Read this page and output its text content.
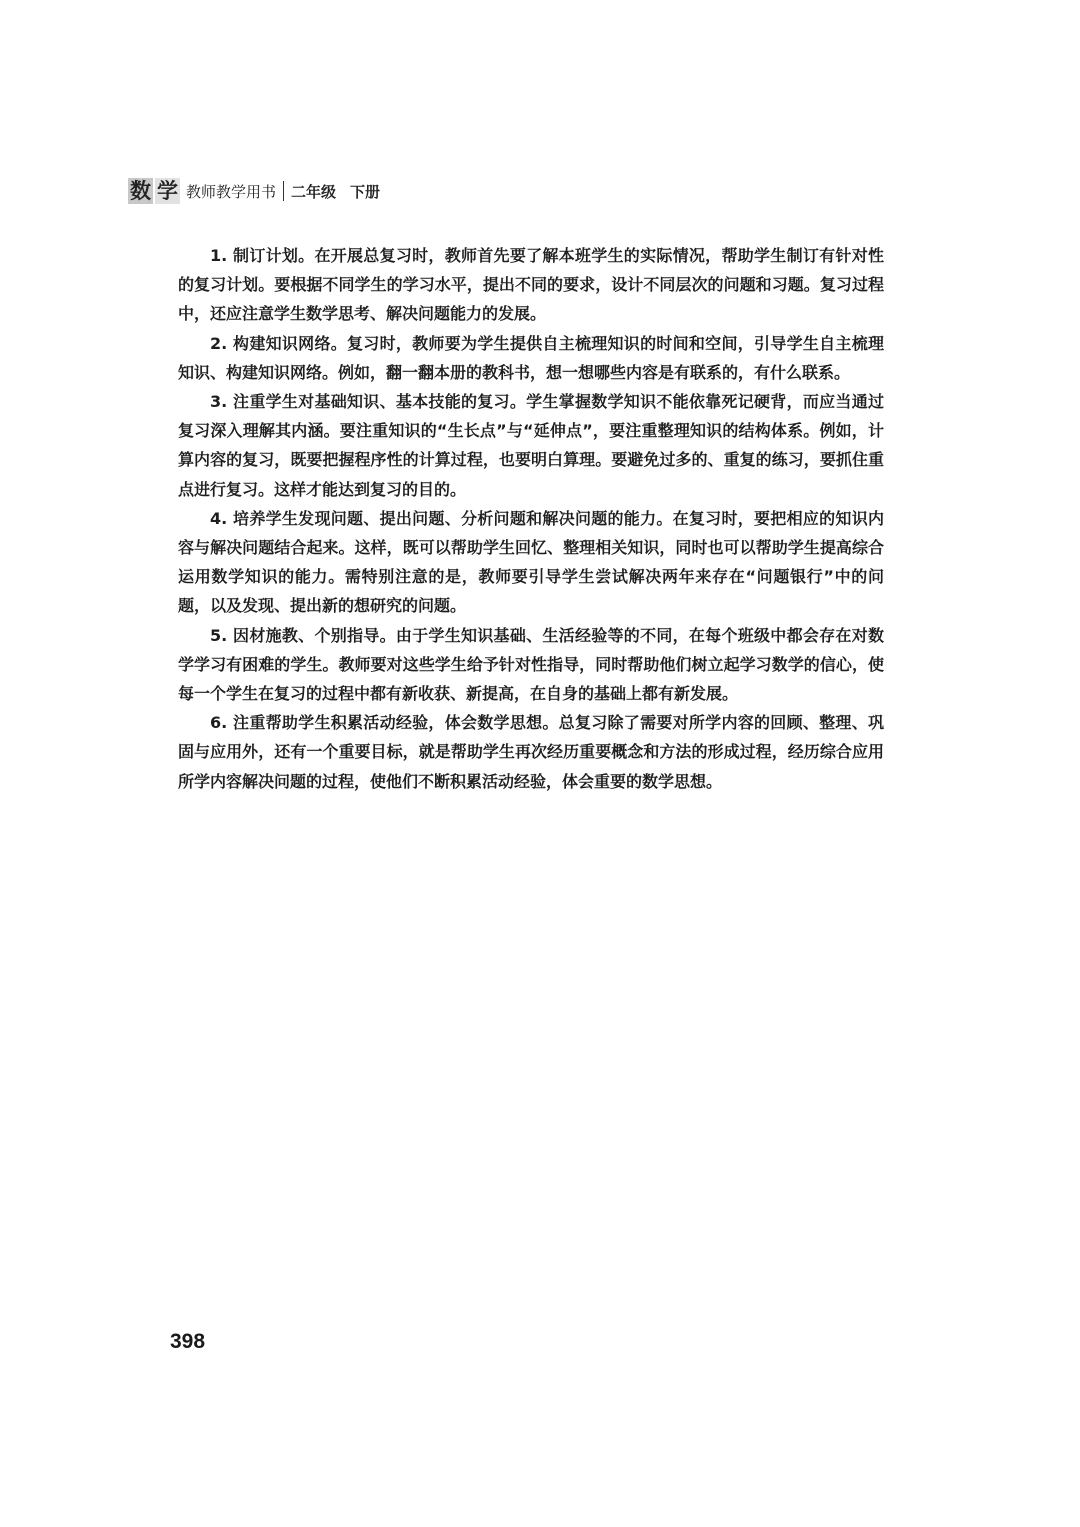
数 学 教师教学用书 二年级 下册

1. 制订计划。在开展总复习时，教师首先要了解本班学生的实际情况，帮助学生制订有针对性的复习计划。要根据不同学生的学习水平，提出不同的要求，设计不同层次的问题和习题。复习过程中，还应注意学生数学思考、解决问题能力的发展。

2. 构建知识网络。复习时，教师要为学生提供自主梳理知识的时间和空间，引导学生自主梳理知识、构建知识网络。例如，翻一翻本册的教科书，想一想哪些内容是有联系的，有什么联系。

3. 注重学生对基础知识、基本技能的复习。学生掌握数学知识不能依靠死记硬背，而应当通过复习深入理解其内涵。要注重知识的“生长点”与“延伸点”，要注重整理知识的结构体系。例如，计算内容的复习，既要把握程序性的计算过程，也要明白算理。要避免过多的、重复的练习，要抓住重点进行复习。这样才能达到复习的目的。

4. 培养学生发现问题、提出问题、分析问题和解决问题的能力。在复习时，要把相应的知识内容与解决问题结合起来。这样，既可以帮助学生回忆、整理相关知识，同时也可以帮助学生提高综合运用数学知识的能力。需特别注意的是，教师要引导学生尝试解决两年来存在“问题银行”中的问题，以及发现、提出新的想研究的问题。

5. 因材施教、个别指导。由于学生知识基础、生活经验等的不同，在每个班级中都会存在对数学学习有困难的学生。教师要对这些学生给予针对性指导，同时帮助他们树立起学习数学的信心，使每一个学生在复习的过程中都有新收获、新提高，在自身的基础上都有新发展。

6. 注重帮助学生积累活动经验，体会数学思想。总复习除了需要对所学内容的回顾、整理、巩固与应用外，还有一个重要目标，就是帮助学生再次经历重要概念和方法的形成过程，经历综合应用所学内容解决问题的过程，使他们不断积累活动经验，体会重要的数学思想。

398
